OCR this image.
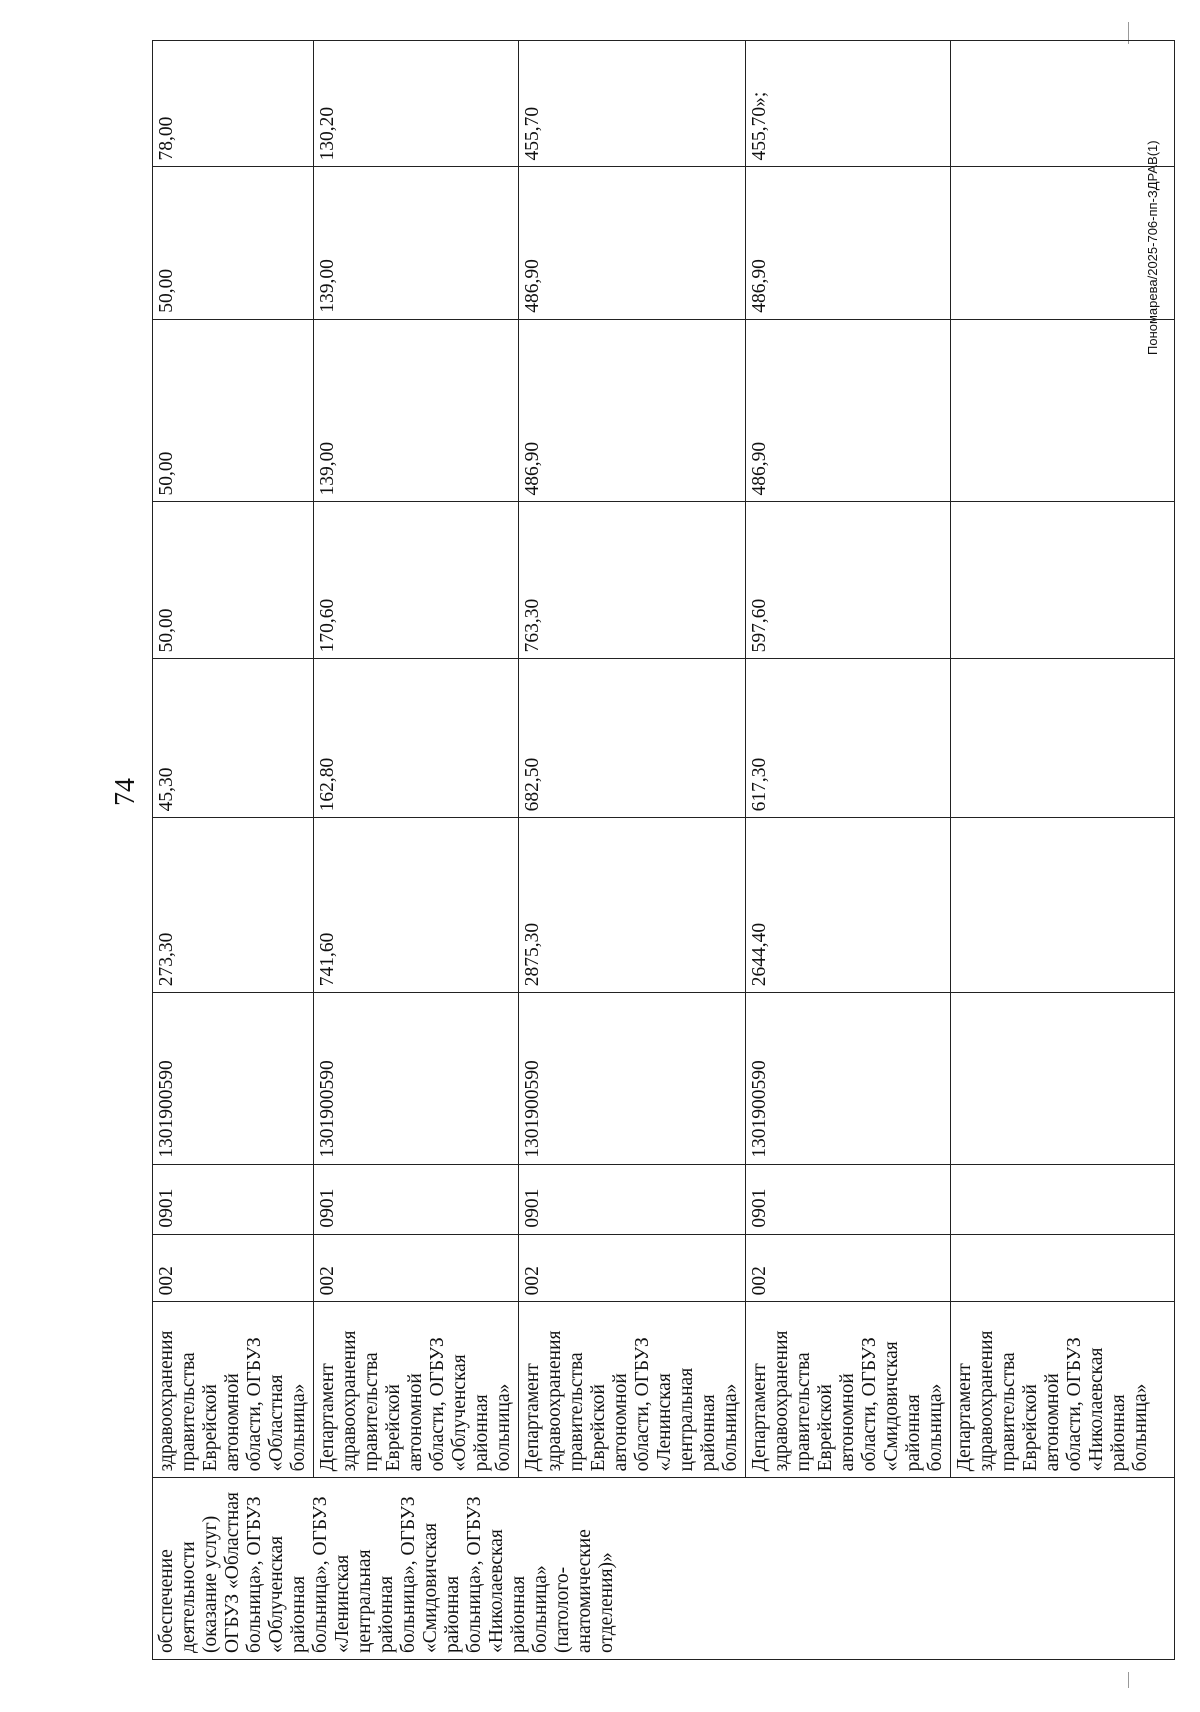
74
Пономарева/2025-706-пп-ЗДРАВ(1)
обеспечение деятельности (оказание услуг) ОГБУЗ «Областная больница», ОГБУЗ «Облученская районная больница», ОГБУЗ «Ленинская центральная районная больница», ОГБУЗ «Смидовичская районная больница», ОГБУЗ «Николаевская районная больница» (патолого-анатомические отделения)»	здравоохранения правительства Еврейской автономной области, ОГБУЗ «Областная больница»	002	0901	1301900590	273,30	45,30	50,00	50,00	50,00	78,00
	Департамент здравоохранения правительства Еврейской автономной области, ОГБУЗ «Облученская районная больница»	002	0901	1301900590	741,60	162,80	170,60	139,00	139,00	130,20
	Департамент здравоохранения правительства Еврейской автономной области, ОГБУЗ «Ленинская центральная районная больница»	002	0901	1301900590	2875,30	682,50	763,30	486,90	486,90	455,70
	Департамент здравоохранения правительства Еврейской автономной области, ОГБУЗ «Смидовичская районная больница»	002	0901	1301900590	2644,40	617,30	597,60	486,90	486,90	455,70»;
	Департамент здравоохранения правительства Еврейской автономной области, ОГБУЗ «Николаевская районная больница»									
